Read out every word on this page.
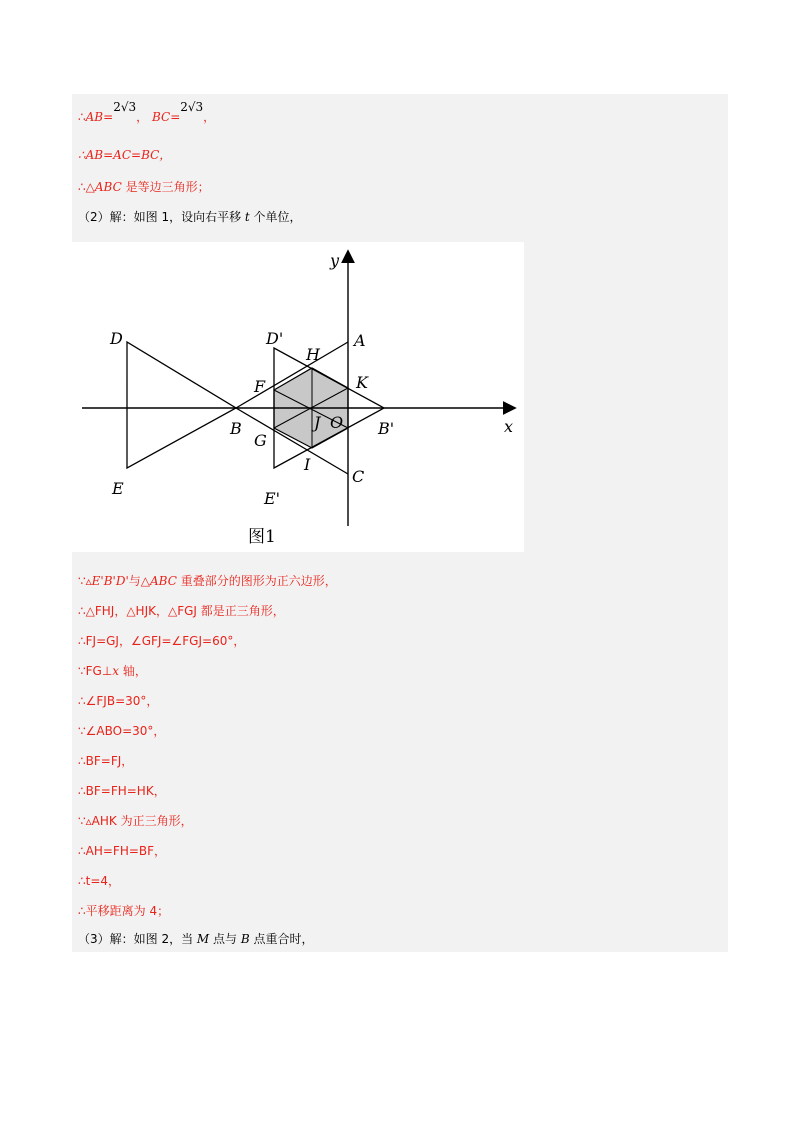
∴AB=2√3， BC=2√3，
∴AB=AC=BC，
∴△ABC 是等边三角形；
（2）解：如图 1，设向右平移 t 个单位，
y
x
D
E
B
D'
E'
H
A
F	K
G
J O B'
I
C
图1
∵▵E'B'D'与△ABC 重叠部分的图形为正六边形，
∴△FHJ，△HJK，△FGJ 都是正三角形，
∴FJ=GJ，∠GFJ=∠FGJ=60°，
∵FG⊥x 轴，
∴∠FJB=30°，
∵∠ABO=30°，
∴BF=FJ，
∴BF=FH=HK，
∵▵AHK 为正三角形，
∴AH=FH=BF，
∴t=4，
∴平移距离为 4；
（3）解：如图 2，当 M 点与 B 点重合时，
